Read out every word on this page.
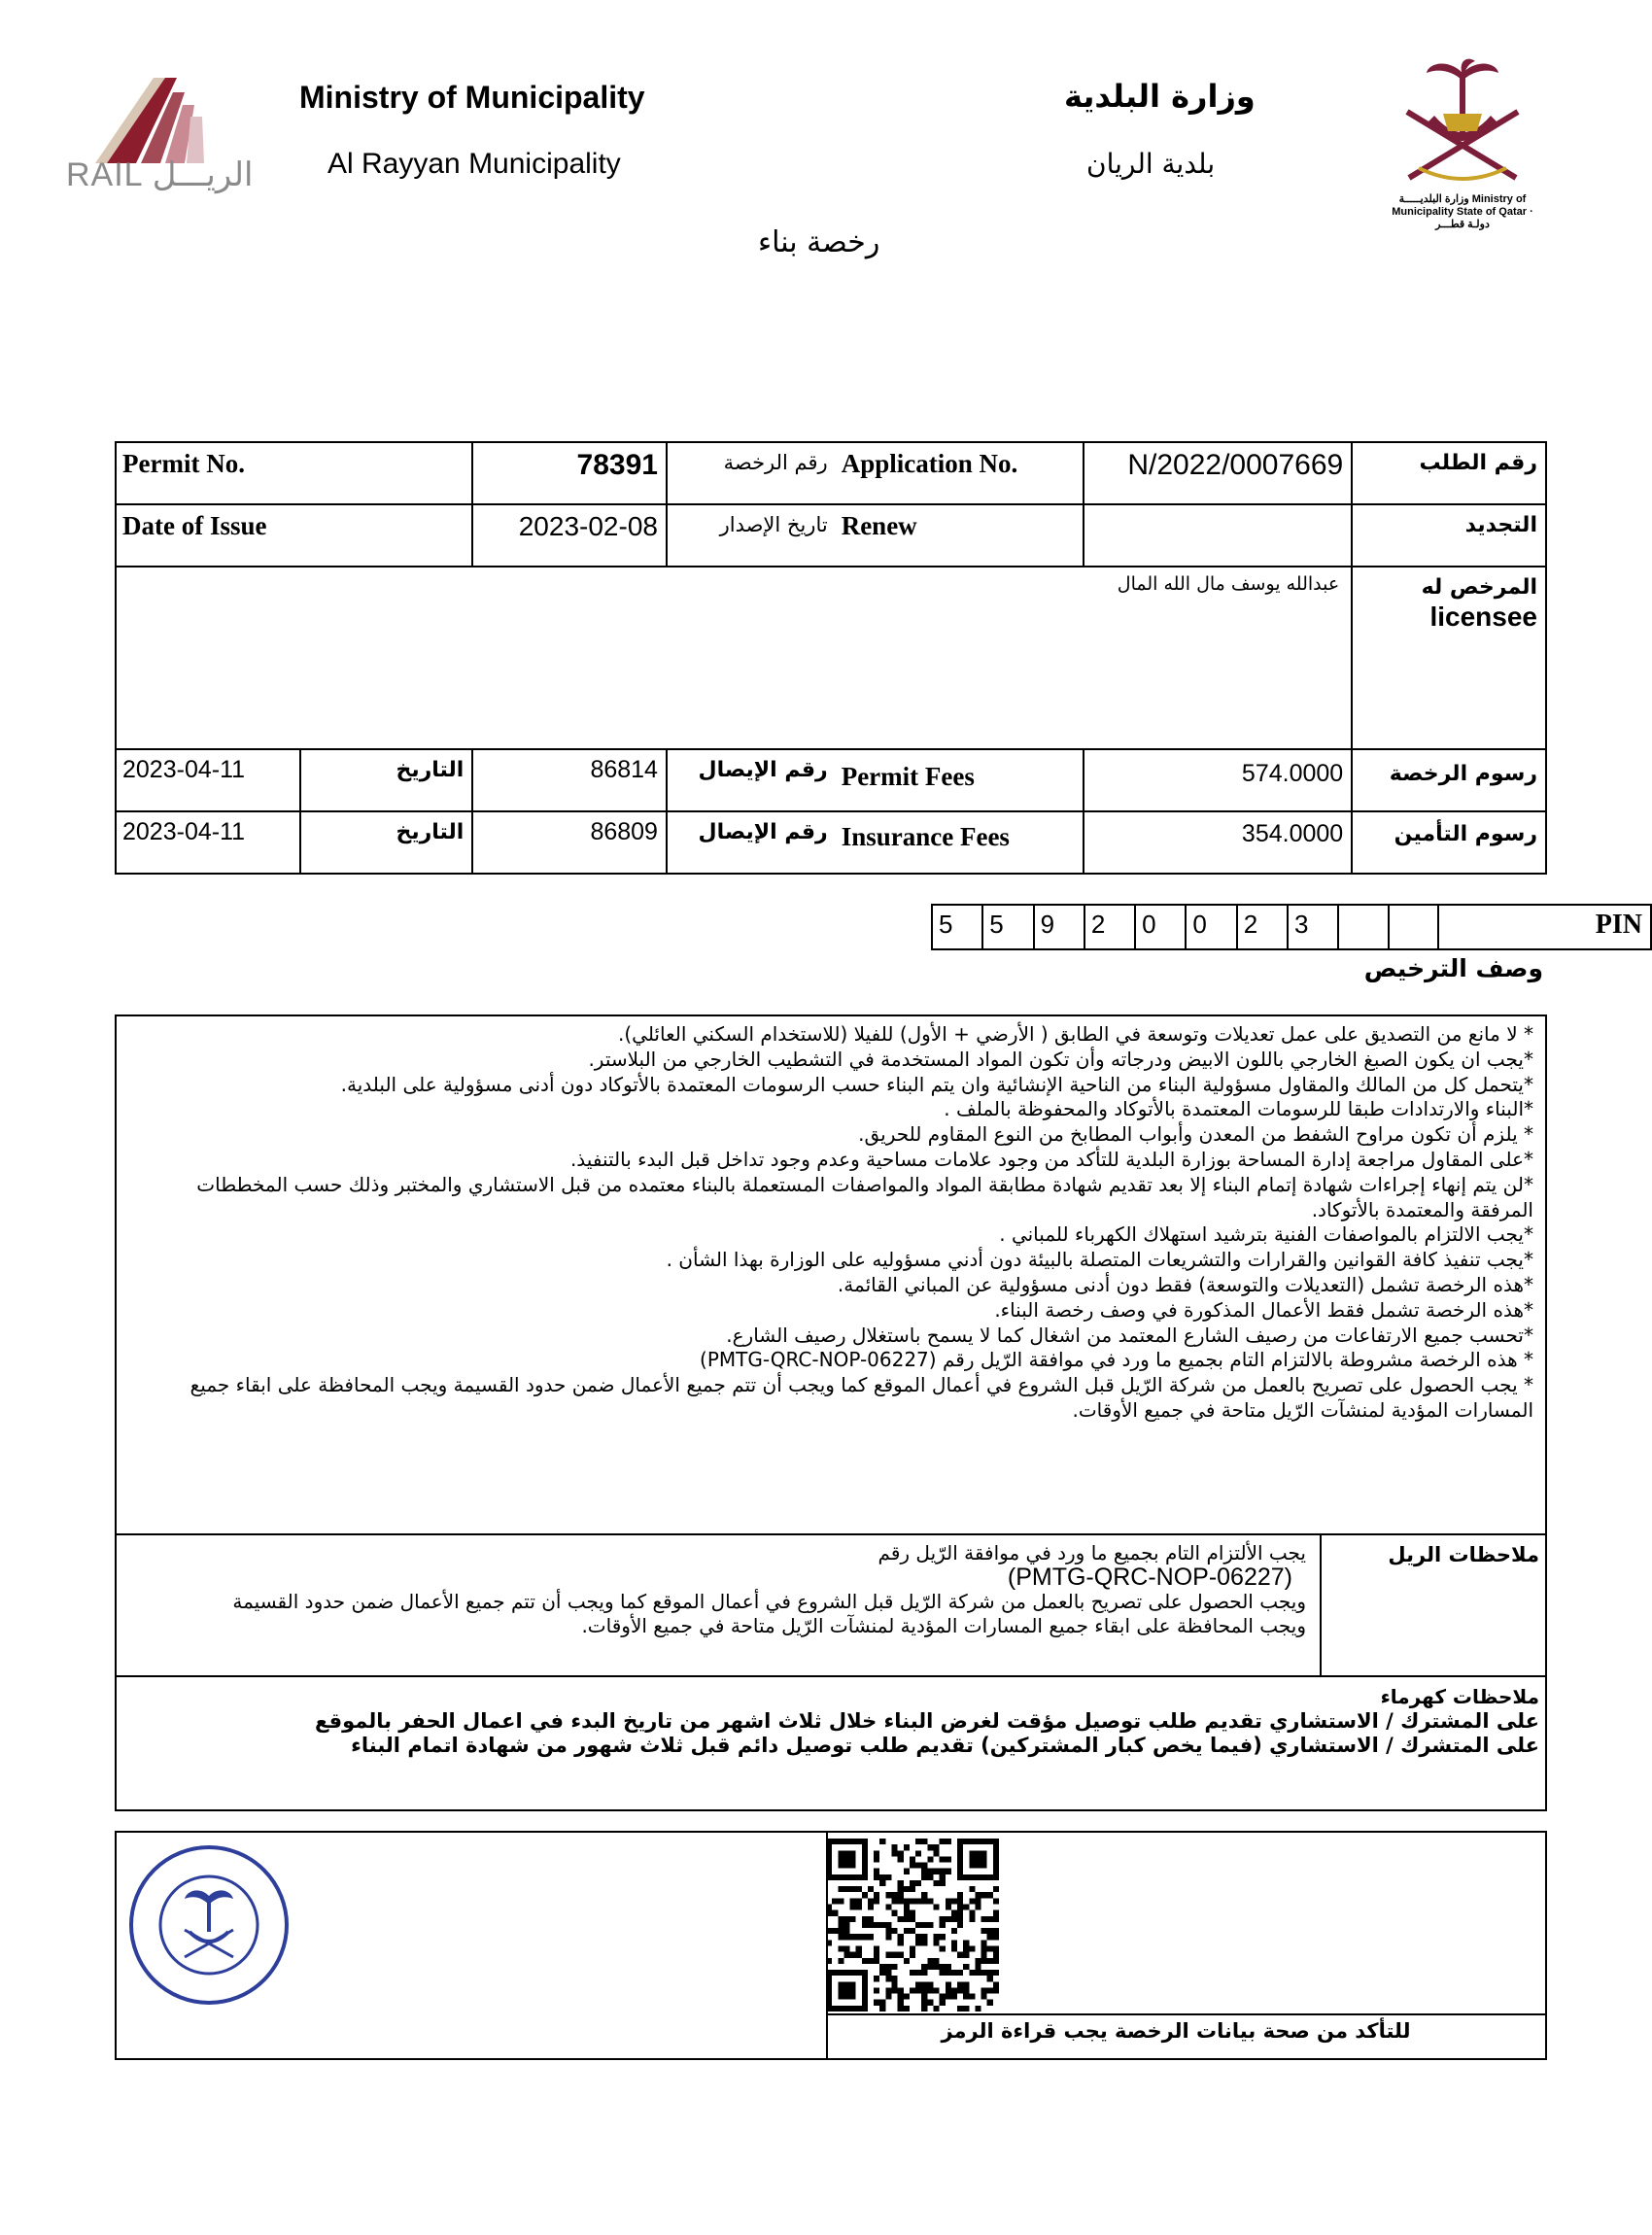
RAIL الريـــل
Ministry of Municipality
Al Rayyan Municipality
وزارة البلدية
بلدية الريان
وزارة البلديـــــة Ministry of Municipality State of Qatar · دولـة قطـــر
رخصة بناء
Permit No.		78391	رقم الرخصة	Application No.	N/2022/0007669	رقم الطلب
Date of Issue		2023-02-08	تاريخ الإصدار	Renew		التجديد
عبدالله يوسف مال الله المال						المرخص له
licensee

2023-04-11	التاريخ	86814	رقم الإيصال	Permit Fees	574.0000	رسوم الرخصة
2023-04-11	التاريخ	86809	رقم الإيصال	Insurance Fees	354.0000	رسوم التأمين
5	5	9	2	0	0	2	3			PIN
وصف الترخيص
* لا مانع من التصديق على عمل تعديلات وتوسعة في الطابق ( الأرضي + الأول) للفيلا (للاستخدام السكني العائلي).
*يجب ان يكون الصبغ الخارجي باللون الابيض ودرجاته وأن تكون المواد المستخدمة في التشطيب الخارجي من البلاستر.
*يتحمل كل من المالك والمقاول مسؤولية البناء من الناحية الإنشائية وان يتم البناء حسب الرسومات المعتمدة بالأتوكاد دون أدنى مسؤولية على البلدية.
*البناء والارتدادات طبقا للرسومات المعتمدة بالأتوكاد والمحفوظة بالملف .
* يلزم أن تكون مراوح الشفط من المعدن وأبواب المطابخ من النوع المقاوم للحريق.
*على المقاول مراجعة إدارة المساحة بوزارة البلدية للتأكد من وجود علامات مساحية وعدم وجود تداخل قبل البدء بالتنفيذ.
*لن يتم إنهاء إجراءات شهادة إتمام البناء إلا بعد تقديم شهادة مطابقة المواد والمواصفات المستعملة بالبناء معتمده من قبل الاستشاري والمختبر وذلك حسب المخططات المرفقة والمعتمدة بالأتوكاد.
*يجب الالتزام بالمواصفات الفنية بترشيد استهلاك الكهرباء للمباني .
*يجب تنفيذ كافة القوانين والقرارات والتشريعات المتصلة بالبيئة دون أدني مسؤوليه على الوزارة بهذا الشأن .
*هذه الرخصة تشمل (التعديلات والتوسعة) فقط دون أدنى مسؤولية عن المباني القائمة.
*هذه الرخصة تشمل فقط الأعمال المذكورة في وصف رخصة البناء.
*تحسب جميع الارتفاعات من رصيف الشارع المعتمد من اشغال كما لا يسمح باستغلال رصيف الشارع.
* هذه الرخصة مشروطة بالالتزام التام بجميع ما ورد في موافقة الرّيل رقم (PMTG-QRC-NOP-06227)
* يجب الحصول على تصريح بالعمل من شركة الرّيل قبل الشروع في أعمال الموقع كما ويجب أن تتم جميع الأعمال ضمن حدود القسيمة ويجب المحافظة على ابقاء جميع المسارات المؤدية لمنشآت الرّيل متاحة في جميع الأوقات.
ملاحظات الريل
يجب الألتزام التام بجميع ما ورد في موافقة الرّيل رقم
(PMTG-QRC-NOP-06227)
ويجب الحصول على تصريح بالعمل من شركة الرّيل قبل الشروع في أعمال الموقع كما ويجب أن تتم جميع الأعمال ضمن حدود القسيمة
ويجب المحافظة على ابقاء جميع المسارات المؤدية لمنشآت الرّيل متاحة في جميع الأوقات.
ملاحظات كهرماء
على المشترك / الاستشاري تقديم طلب توصيل مؤقت لغرض البناء خلال ثلاث اشهر من تاريخ البدء في اعمال الحفر بالموقع
على المتشرك / الاستشاري (فيما يخص كبار المشتركين) تقديم طلب توصيل دائم قبل ثلاث شهور من شهادة اتمام البناء
للتأكد من صحة بيانات الرخصة يجب قراءة الرمز
